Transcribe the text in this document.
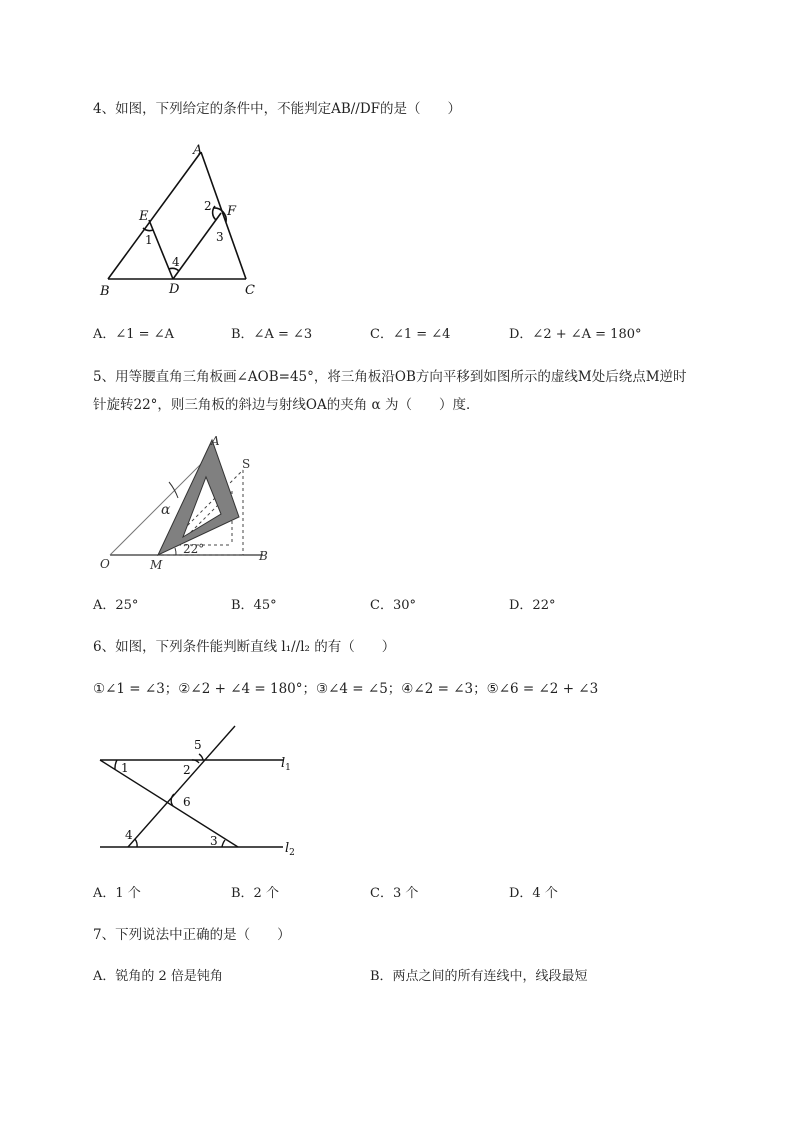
4、如图，下列给定的条件中，不能判定AB//DF的是（　　）
A
B	C
D
E	F
1
2
3
4
A．∠1 = ∠A	B．∠A = ∠3	C．∠1 = ∠4	D．∠2 + ∠A = 180°
5、用等腰直角三角板画∠AOB=45°，将三角板沿OB方向平移到如图所示的虚线M处后绕点M逆时
针旋转22°，则三角板的斜边与射线OA的夹角 α 为（　　）度．
A
S
O	M
B
α
22°
A．25°	B．45°	C．30°	D．22°
6、如图，下列条件能判断直线 l₁//l₂ 的有（　　）
①∠1 = ∠3；②∠2 + ∠4 = 180°；③∠4 = ∠5；④∠2 = ∠3；⑤∠6 = ∠2 + ∠3
1	2
3
4
5
6
$l_1$
$l_2$
A．1 个	B．2 个	C．3 个	D．4 个
7、下列说法中正确的是（　　）
A．锐角的 2 倍是钝角	B．两点之间的所有连线中，线段最短
